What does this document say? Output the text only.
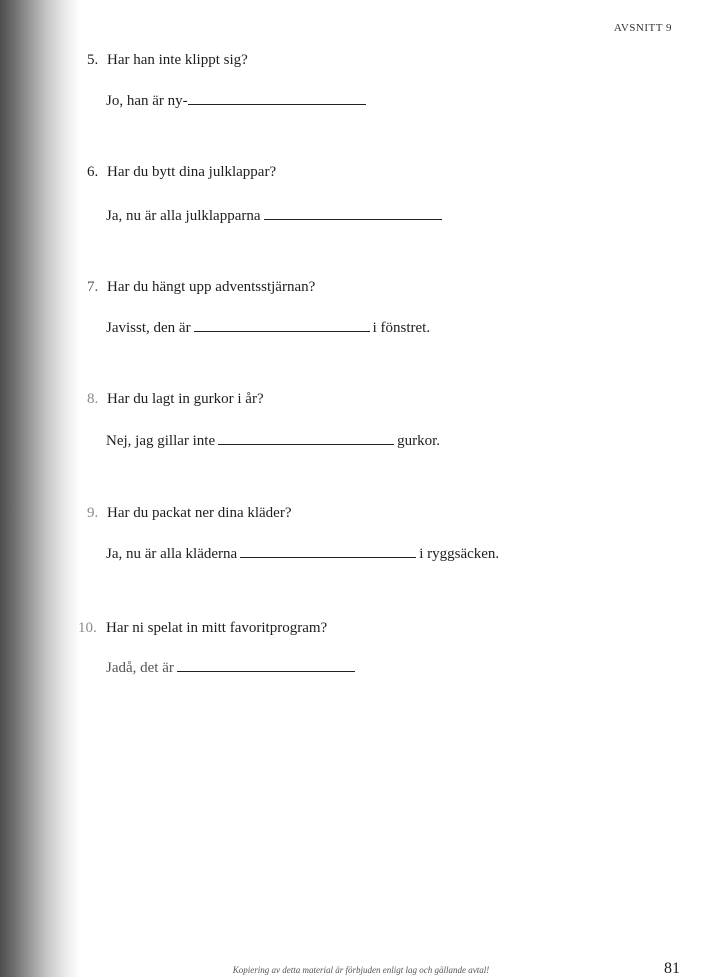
AVSNITT 9
5. Har han inte klippt sig?
Jo, han är ny-
6. Har du bytt dina julklappar?
Ja, nu är alla julklapparna
7. Har du hängt upp adventsstjärnan?
Javisst, den är	i fönstret.
8. Har du lagt in gurkor i år?
Nej, jag gillar inte	gurkor.
9. Har du packat ner dina kläder?
Ja, nu är alla kläderna	i ryggsäcken.
10. Har ni spelat in mitt favoritprogram?
Jadå, det är
Kopiering av detta material är förbjuden enligt lag och gällande avtal!	81
